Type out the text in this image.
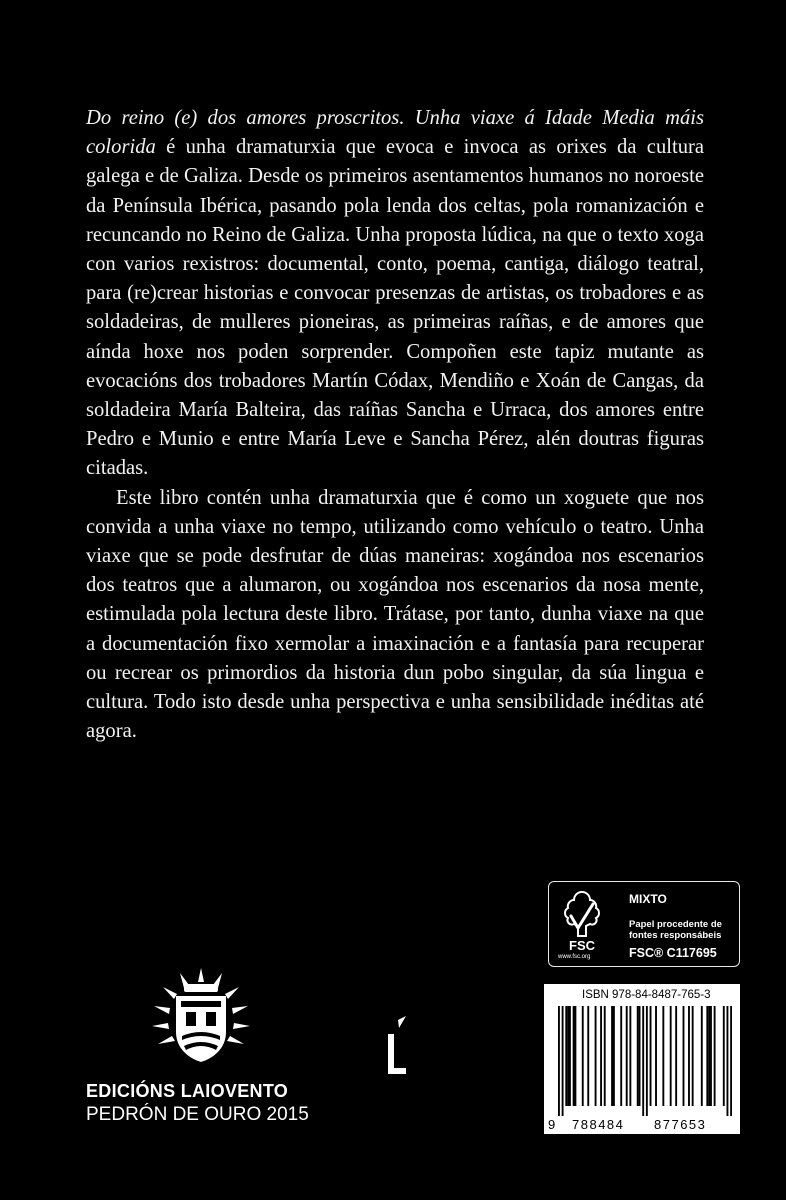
Do reino (e) dos amores proscritos. Unha viaxe á Idade Media máis colorida é unha dramaturxia que evoca e invoca as orixes da cultura galega e de Galiza. Desde os primeiros asentamentos humanos no noroeste da Península Ibérica, pasando pola lenda dos celtas, pola romanización e recuncando no Reino de Galiza. Unha proposta lúdica, na que o texto xoga con varios rexistros: documental, conto, poema, cantiga, diálogo teatral, para (re)crear historias e convocar presenzas de artistas, os trobadores e as soldadeiras, de mulleres pioneiras, as primeiras raíñas, e de amores que aínda hoxe nos poden sorprender. Compoñen este tapiz mutante as evocacións dos trobadores Martín Códax, Mendiño e Xoán de Cangas, da soldadeira María Balteira, das raíñas Sancha e Urraca, dos amores entre Pedro e Munio e entre María Leve e Sancha Pérez, alén doutras figuras citadas.

Este libro contén unha dramaturxia que é como un xoguete que nos convida a unha viaxe no tempo, utilizando como vehículo o teatro. Unha viaxe que se pode desfrutar de dúas maneiras: xogándoa nos escenarios dos teatros que a alumaron, ou xogándoa nos escenarios da nosa mente, estimulada pola lectura deste libro. Trátase, por tanto, dunha viaxe na que a documentación fixo xermolar a imaxinación e a fantasía para recuperar ou recrear os primordios da historia dun pobo singular, da súa lingua e cultura. Todo isto desde unha perspectiva e unha sensibilidade inéditas até agora.

FSC
www.fsc.org
MIXTO
Papel procedente de
fontes responsábeis
FSC® C117695
ISBN 978-84-8487-765-3
9 788484 877653
EDICIÓNS LAIOVENTO
PEDRÓN DE OURO 2015
